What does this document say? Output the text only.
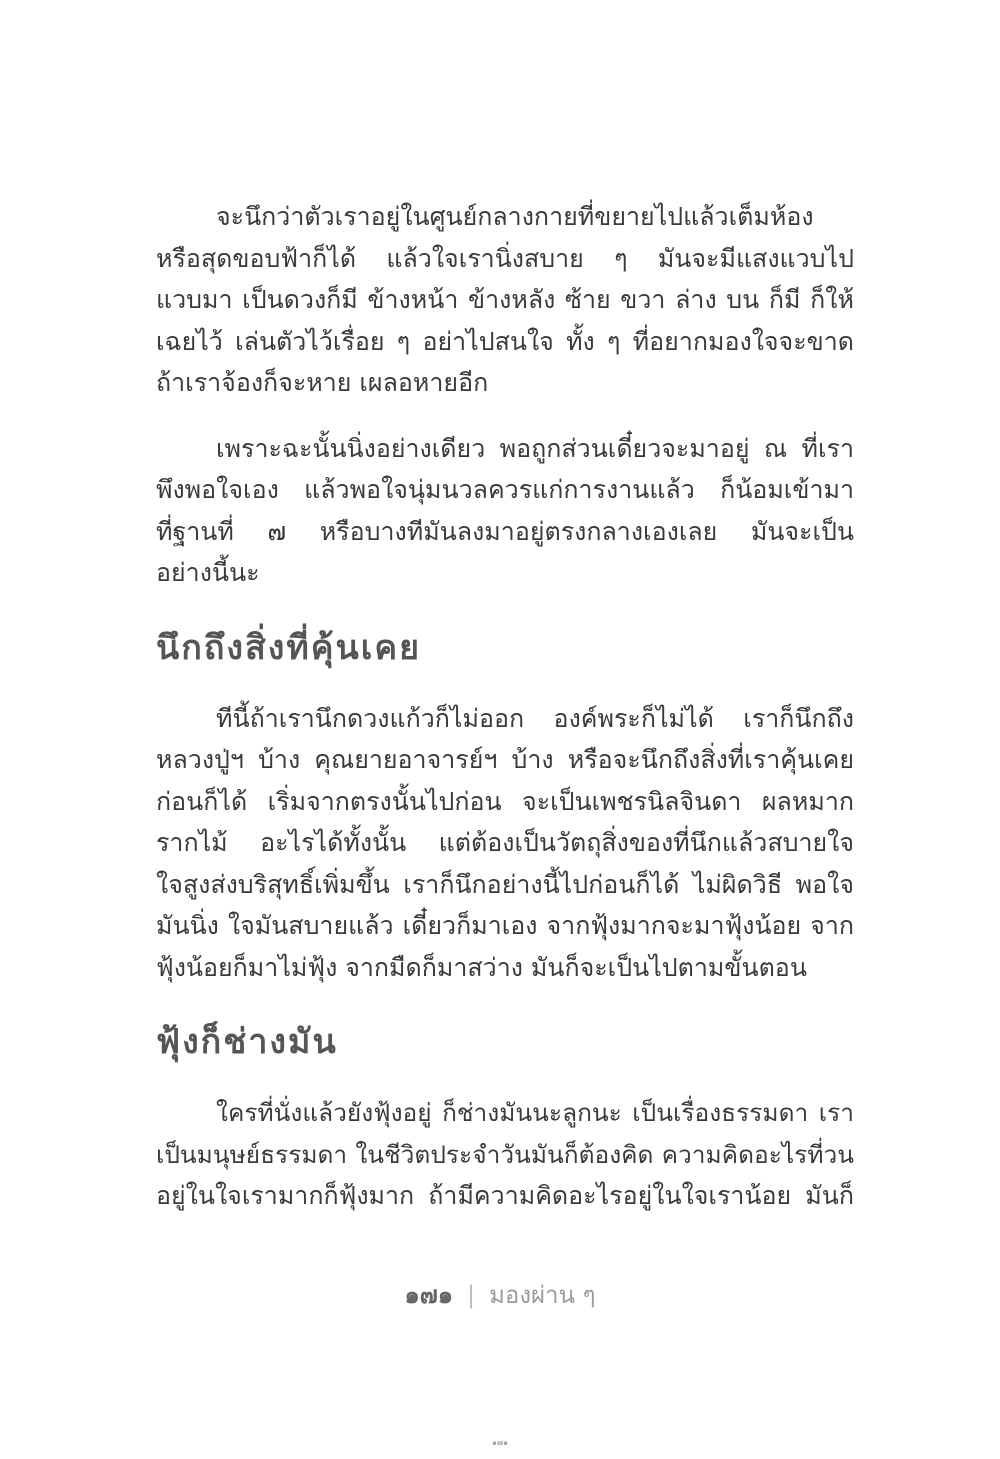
จะนึกว่าตัวเราอยู่ในศูนย์กลางกายที่ขยายไปแล้วเต็มห้อง
หรือสุดขอบฟ้าก็ได้ แล้วใจเรานิ่งสบาย ๆ มันจะมีแสงแวบไป
แวบมา เป็นดวงก็มี ข้างหน้า ข้างหลัง ซ้าย ขวา ล่าง บน ก็มี ก็ให้
เฉยไว้ เล่นตัวไว้เรื่อย ๆ อย่าไปสนใจ ทั้ง ๆ ที่อยากมองใจจะขาด
ถ้าเราจ้องก็จะหาย เผลอหายอีก
เพราะฉะนั้นนิ่งอย่างเดียว พอถูกส่วนเดี๋ยวจะมาอยู่ ณ ที่เรา
พึงพอใจเอง แล้วพอใจนุ่มนวลควรแก่การงานแล้ว ก็น้อมเข้ามา
ที่ฐานที่ ๗ หรือบางทีมันลงมาอยู่ตรงกลางเองเลย มันจะเป็น
อย่างนี้นะ
นึกถึงสิ่งที่คุ้นเคย
ทีนี้ถ้าเรานึกดวงแก้วก็ไม่ออก องค์พระก็ไม่ได้ เราก็นึกถึง
หลวงปู่ฯ บ้าง คุณยายอาจารย์ฯ บ้าง หรือจะนึกถึงสิ่งที่เราคุ้นเคย
ก่อนก็ได้ เริ่มจากตรงนั้นไปก่อน จะเป็นเพชรนิลจินดา ผลหมาก
รากไม้ อะไรได้ทั้งนั้น แต่ต้องเป็นวัตถุสิ่งของที่นึกแล้วสบายใจ
ใจสูงส่งบริสุทธิ์เพิ่มขึ้น เราก็นึกอย่างนี้ไปก่อนก็ได้ ไม่ผิดวิธี พอใจ
มันนิ่ง ใจมันสบายแล้ว เดี๋ยวก็มาเอง จากฟุ้งมากจะมาฟุ้งน้อย จาก
ฟุ้งน้อยก็มาไม่ฟุ้ง จากมืดก็มาสว่าง มันก็จะเป็นไปตามขั้นตอน
ฟุ้งก็ช่างมัน
ใครที่นั่งแล้วยังฟุ้งอยู่ ก็ช่างมันนะลูกนะ เป็นเรื่องธรรมดา เรา
เป็นมนุษย์ธรรมดา ในชีวิตประจำวันมันก็ต้องคิด ความคิดอะไรที่วน
อยู่ในใจเรามากก็ฟุ้งมาก ถ้ามีความคิดอะไรอยู่ในใจเราน้อย มันก็
๑๗๑ | มองผ่าน ๆ
๑๗๑
